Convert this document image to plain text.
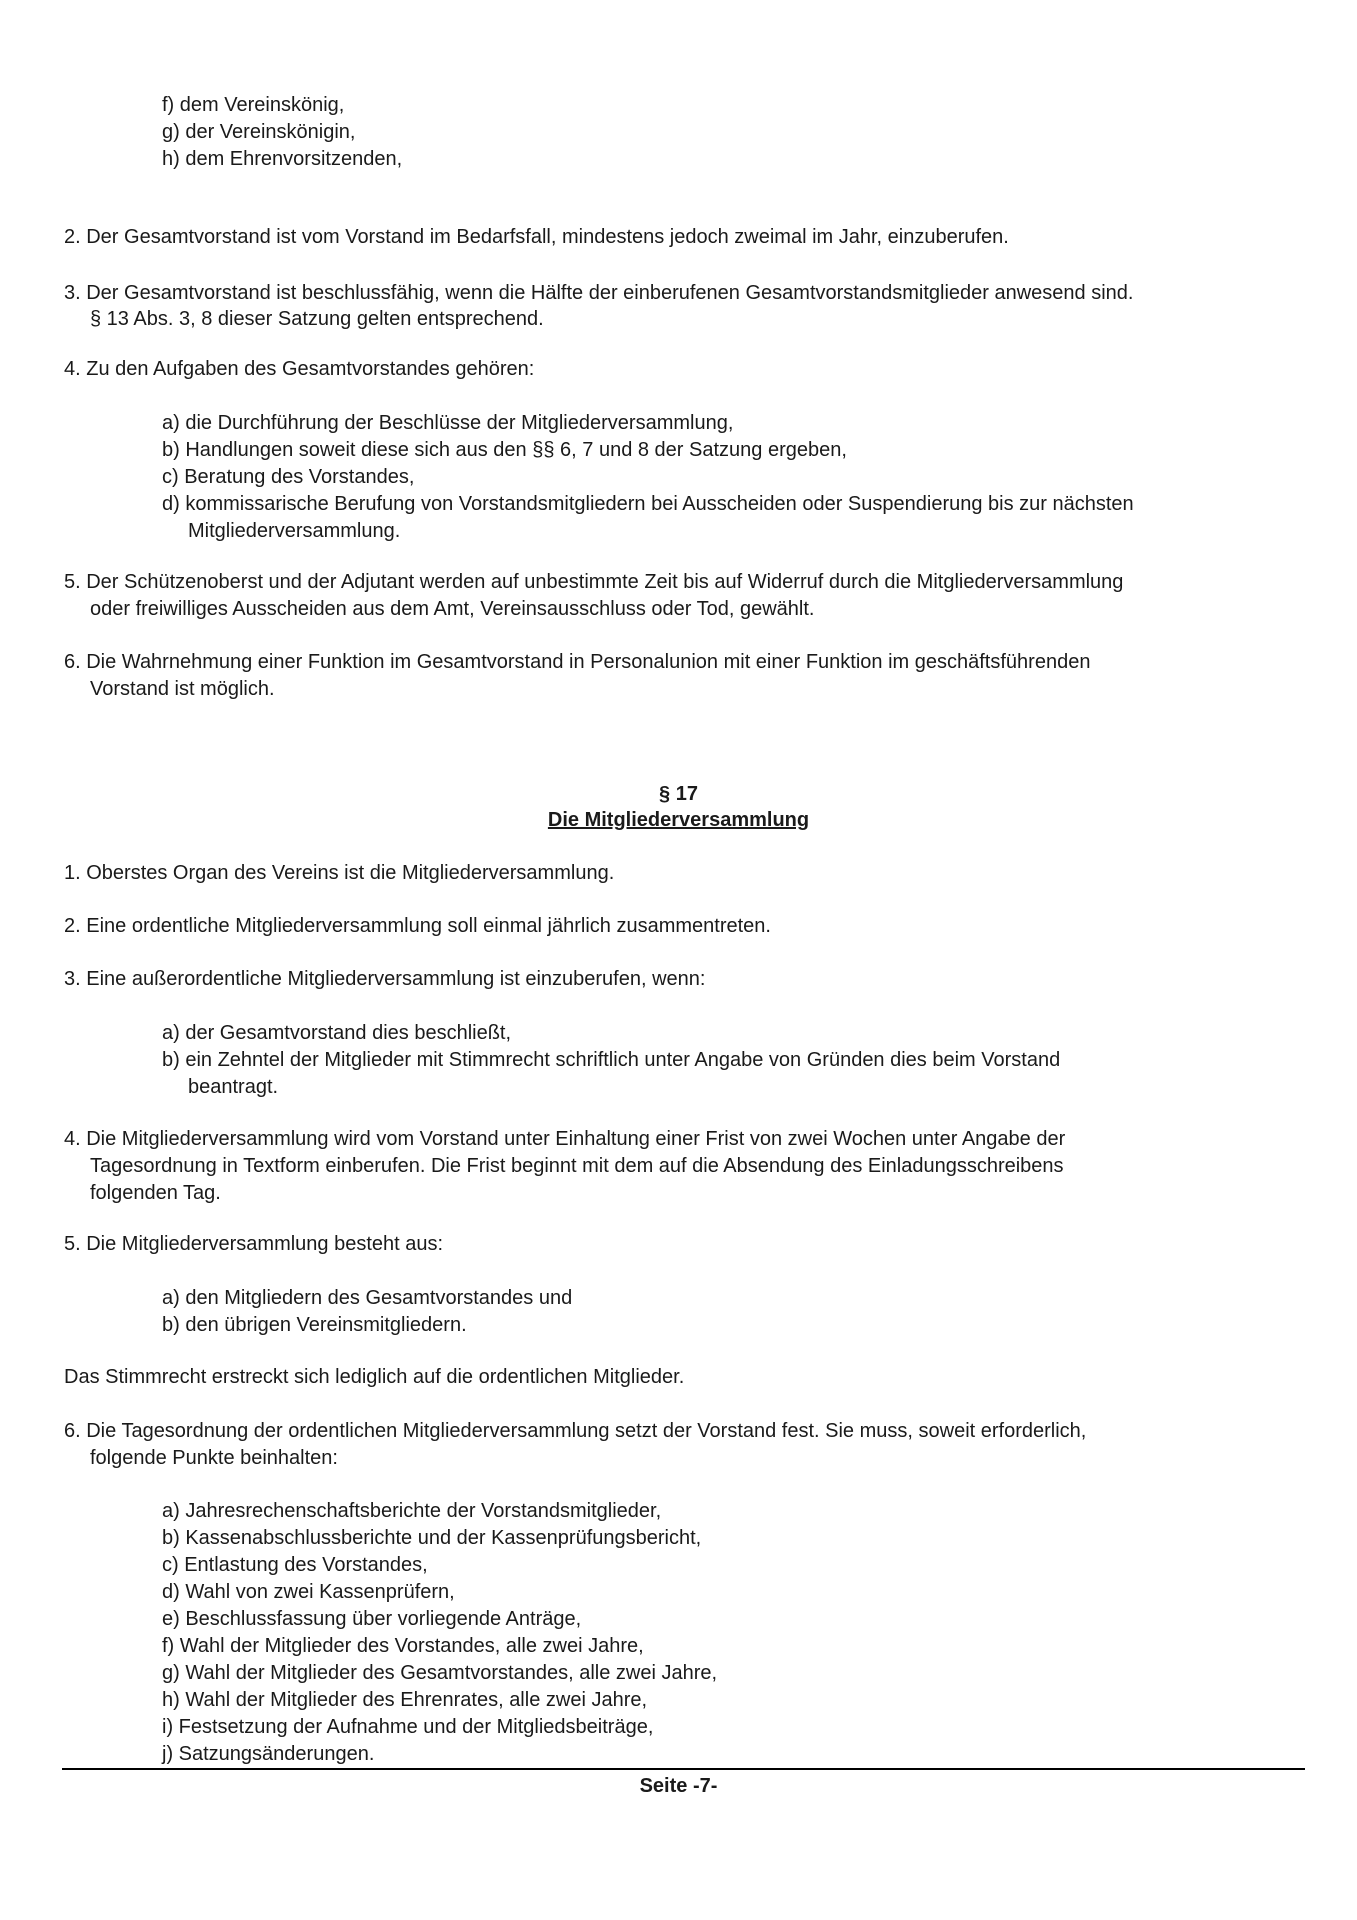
f) dem Vereinskönig,
g) der Vereinskönigin,
h) dem Ehrenvorsitzenden,
2. Der Gesamtvorstand ist vom Vorstand im Bedarfsfall, mindestens jedoch zweimal im Jahr, einzuberufen.
3. Der Gesamtvorstand ist beschlussfähig, wenn die Hälfte der einberufenen Gesamtvorstandsmitglieder anwesend sind.
§ 13 Abs. 3, 8 dieser Satzung gelten entsprechend.
4. Zu den Aufgaben des Gesamtvorstandes gehören:
a) die Durchführung der Beschlüsse der Mitgliederversammlung,
b) Handlungen soweit diese sich aus den §§ 6, 7 und 8 der Satzung ergeben,
c) Beratung des Vorstandes,
d) kommissarische Berufung von Vorstandsmitgliedern bei Ausscheiden oder Suspendierung bis zur nächsten
Mitgliederversammlung.
5. Der Schützenoberst und der Adjutant werden auf unbestimmte Zeit bis auf Widerruf durch die Mitgliederversammlung
oder freiwilliges Ausscheiden aus dem Amt, Vereinsausschluss oder Tod, gewählt.
6. Die Wahrnehmung einer Funktion im Gesamtvorstand in Personalunion mit einer Funktion im geschäftsführenden
Vorstand ist möglich.
§ 17
Die Mitgliederversammlung
1. Oberstes Organ des Vereins ist die Mitgliederversammlung.
2. Eine ordentliche Mitgliederversammlung soll einmal jährlich zusammentreten.
3. Eine außerordentliche Mitgliederversammlung ist einzuberufen, wenn:
a) der Gesamtvorstand dies beschließt,
b) ein Zehntel der Mitglieder mit Stimmrecht schriftlich unter Angabe von Gründen dies beim Vorstand
beantragt.
4. Die Mitgliederversammlung wird vom Vorstand unter Einhaltung einer Frist von zwei Wochen unter Angabe der
Tagesordnung in Textform einberufen. Die Frist beginnt mit dem auf die Absendung des Einladungsschreibens
folgenden Tag.
5. Die Mitgliederversammlung besteht aus:
a) den Mitgliedern des Gesamtvorstandes und
b) den übrigen Vereinsmitgliedern.
Das Stimmrecht erstreckt sich lediglich auf die ordentlichen Mitglieder.
6. Die Tagesordnung der ordentlichen Mitgliederversammlung setzt der Vorstand fest. Sie muss, soweit erforderlich,
folgende Punkte beinhalten:
a) Jahresrechenschaftsberichte der Vorstandsmitglieder,
b) Kassenabschlussberichte und der Kassenprüfungsbericht,
c) Entlastung des Vorstandes,
d) Wahl von zwei Kassenprüfern,
e) Beschlussfassung über vorliegende Anträge,
f) Wahl der Mitglieder des Vorstandes, alle zwei Jahre,
g) Wahl der Mitglieder des Gesamtvorstandes, alle zwei Jahre,
h) Wahl der Mitglieder des Ehrenrates, alle zwei Jahre,
i) Festsetzung der Aufnahme und der Mitgliedsbeiträge,
j) Satzungsänderungen.
Seite -7-
